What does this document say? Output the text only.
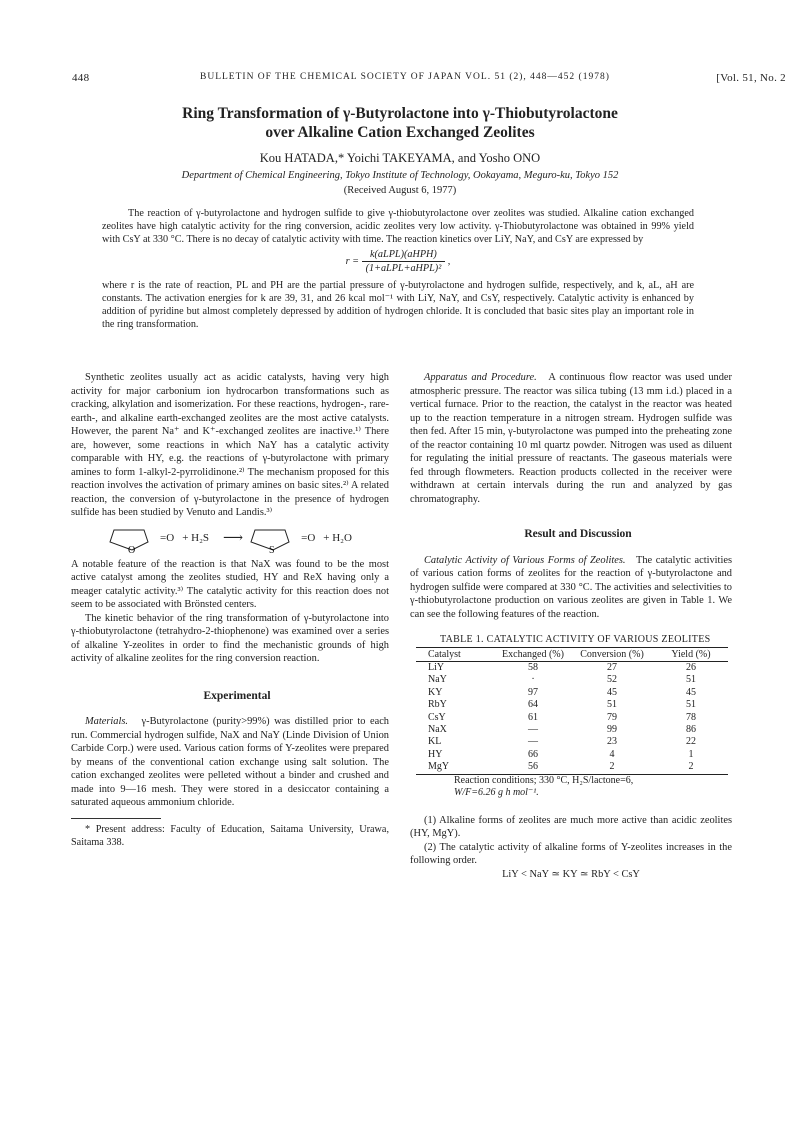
448	BULLETIN OF THE CHEMICAL SOCIETY OF JAPAN VOL. 51 (2), 448—452 (1978)	[Vol. 51, No. 2
Ring Transformation of γ-Butyrolactone into γ-Thiobutyrolactone
over Alkaline Cation Exchanged Zeolites
Kou HATADA,* Yoichi TAKEYAMA, and Yosho ONO
Department of Chemical Engineering, Tokyo Institute of Technology, Ookayama, Meguro-ku, Tokyo 152
(Received August 6, 1977)

The reaction of γ-butyrolactone and hydrogen sulfide to give γ-thiobutyrolactone over zeolites was studied. Alkaline cation exchanged zeolites have high catalytic activity for the ring conversion, acidic zeolites very low activity. γ-Thiobutyrolactone was obtained in 99% yield with CsY at 330 °C. There is no decay of catalytic activity with time. The reaction kinetics over LiY, NaY, and CsY are expressed by

$r = \frac{\text{k(aLPL)(aHPH)}}{\text{(1+aLPL+aHPL)²}}$ ,

where r is the rate of reaction, PL and PH are the partial pressure of γ-butyrolactone and hydrogen sulfide, respectively, and k, aL, aH are constants. The activation energies for k are 39, 31, and 26 kcal mol⁻¹ with LiY, NaY, and CsY, respectively. Catalytic activity is enhanced by addition of pyridine but almost completely depressed by addition of hydrogen chloride. It is concluded that basic sites play an important role in the ring transformation.

Synthetic zeolites usually act as acidic catalysts, having very high activity for major carbonium ion hydrocarbon transformations such as cracking, alkylation and isomerization. For these reactions, hydrogen-, rare-earth-, and alkaline earth-exchanged zeolites are the most active catalysts. However, the parent Na⁺ and K⁺-exchanged zeolites are inactive.¹⁾ There are, however, some reactions in which NaY has a catalytic activity comparable with HY, e.g. the reactions of γ-butyrolactone with primary amines to form 1-alkyl-2-pyrrolidinone.²⁾ The mechanism proposed for this reaction involves the activation of primary amines on basic sites.²⁾ A related reaction, the conversion of γ-butyrolactone in the presence of hydrogen sulfide has been studied by Venuto and Landis.³⁾

O
=O + H₂S ⟶
S
=O + H₂O

A notable feature of the reaction is that NaX was found to be the most active catalyst among the zeolites studied, HY and ReX having only a meager catalytic activity.³⁾ The catalytic activity for this reaction does not seem to be associated with Brönsted centers.

The kinetic behavior of the ring transformation of γ-butyrolactone into γ-thiobutyrolactone (tetrahydro-2-thiophenone) was examined over a series of alkaline Y-zeolites in order to find the mechanistic grounds of high activity of alkaline zeolites for the ring conversion reaction.

Experimental

Materials. γ-Butyrolactone (purity>99%) was distilled prior to each run. Commercial hydrogen sulfide, NaX and NaY (Linde Division of Union Carbide Corp.) were used. Various cation forms of Y-zeolites were prepared by means of the conventional cation exchange using salt solution. The cation exchanged zeolites were pelleted without a binder and crushed and made into 9—16 mesh. They were stored in a desiccator containing a saturated aqueous ammonium chloride.

* Present address: Faculty of Education, Saitama University, Urawa, Saitama 338.

Apparatus and Procedure. A continuous flow reactor was used under atmospheric pressure. The reactor was silica tubing (13 mm i.d.) placed in a vertical furnace. Prior to the reaction, the catalyst in the reactor was heated up to the reaction temperature in a nitrogen stream. Hydrogen sulfide was then fed. After 15 min, γ-butyrolactone was pumped into the preheating zone of the reactor containing 10 ml quartz powder. Nitrogen was used as diluent for regulating the initial pressure of reactants. The gaseous materials were fed through flowmeters. Reaction products collected in the receiver were withdrawn at certain intervals during the run and analyzed by gas chromatography.

Result and Discussion

Catalytic Activity of Various Forms of Zeolites. The catalytic activities of various cation forms of zeolites for the reaction of γ-butyrolactone and hydrogen sulfide were compared at 330 °C. The activities and selectivities to γ-thiobutyrolactone production on various zeolites are given in Table 1. We can see the following features of the reaction.

TABLE 1. CATALYTIC ACTIVITY OF VARIOUS ZEOLITES
Catalyst	Exchanged (%)	Conversion (%)	Yield (%)
LiY	58	27	26
NaY	·	52	51
KY	97	45	45
RbY	64	51	51
CsY	61	79	78
NaX	—	99	86
KL	—	23	22
HY	66	4	1
MgY	56	2	2
Reaction conditions; 330 °C, H₂S/lactone=6,
W/F=6.26 g h mol⁻¹.

(1) Alkaline forms of zeolites are much more active than acidic zeolites (HY, MgY).

(2) The catalytic activity of alkaline forms of Y-zeolites increases in the following order.

LiY < NaY ≃ KY ≃ RbY < CsY
